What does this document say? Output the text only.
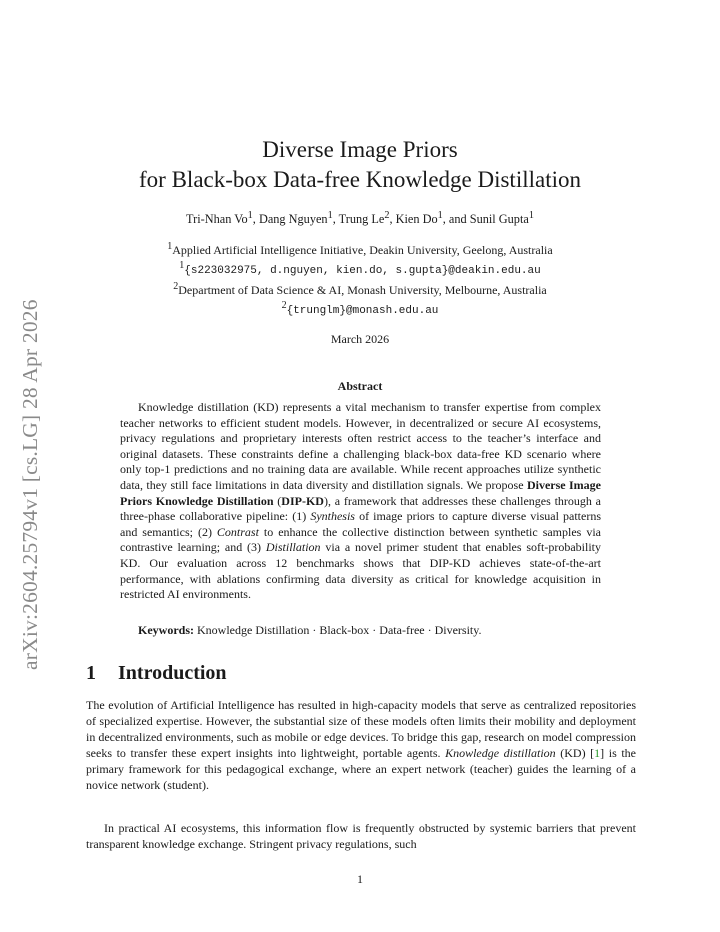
arXiv:2604.25794v1 [cs.LG] 28 Apr 2026
Diverse Image Priors
for Black-box Data-free Knowledge Distillation
Tri-Nhan Vo$^1$, Dang Nguyen$^1$, Trung Le$^2$, Kien Do$^1$, and Sunil Gupta$^1$
$^1$Applied Artificial Intelligence Initiative, Deakin University, Geelong, Australia
$^1${s223032975, d.nguyen, kien.do, s.gupta}@deakin.edu.au
$^2$Department of Data Science & AI, Monash University, Melbourne, Australia
$^2${trunglm}@monash.edu.au
March 2026
Abstract

Knowledge distillation (KD) represents a vital mechanism to transfer expertise from complex teacher networks to efficient student models. However, in decentralized or secure AI ecosystems, privacy regulations and proprietary interests often restrict access to the teacher’s interface and original datasets. These constraints define a challenging black-box data-free KD scenario where only top-1 predictions and no training data are available. While recent approaches utilize synthetic data, they still face limitations in data diversity and distillation signals. We propose Diverse Image Priors Knowledge Distillation (DIP-KD), a framework that addresses these challenges through a three-phase collaborative pipeline: (1) Synthesis of image priors to capture diverse visual patterns and semantics; (2) Contrast to enhance the collective distinction between synthetic samples via contrastive learning; and (3) Distillation via a novel primer student that enables soft-probability KD. Our evaluation across 12 benchmarks shows that DIP-KD achieves state-of-the-art performance, with ablations confirming data diversity as critical for knowledge acquisition in restricted AI environments.

Keywords: Knowledge Distillation · Black-box · Data-free · Diversity.
1 Introduction

The evolution of Artificial Intelligence has resulted in high-capacity models that serve as centralized repositories of specialized expertise. However, the substantial size of these models often limits their mobility and deployment in decentralized environments, such as mobile or edge devices. To bridge this gap, research on model compression seeks to transfer these expert insights into lightweight, portable agents. Knowledge distillation (KD) [1] is the primary framework for this pedagogical exchange, where an expert network (teacher) guides the learning of a novice network (student).

In practical AI ecosystems, this information flow is frequently obstructed by systemic barriers that prevent transparent knowledge exchange. Stringent privacy regulations, such

1
